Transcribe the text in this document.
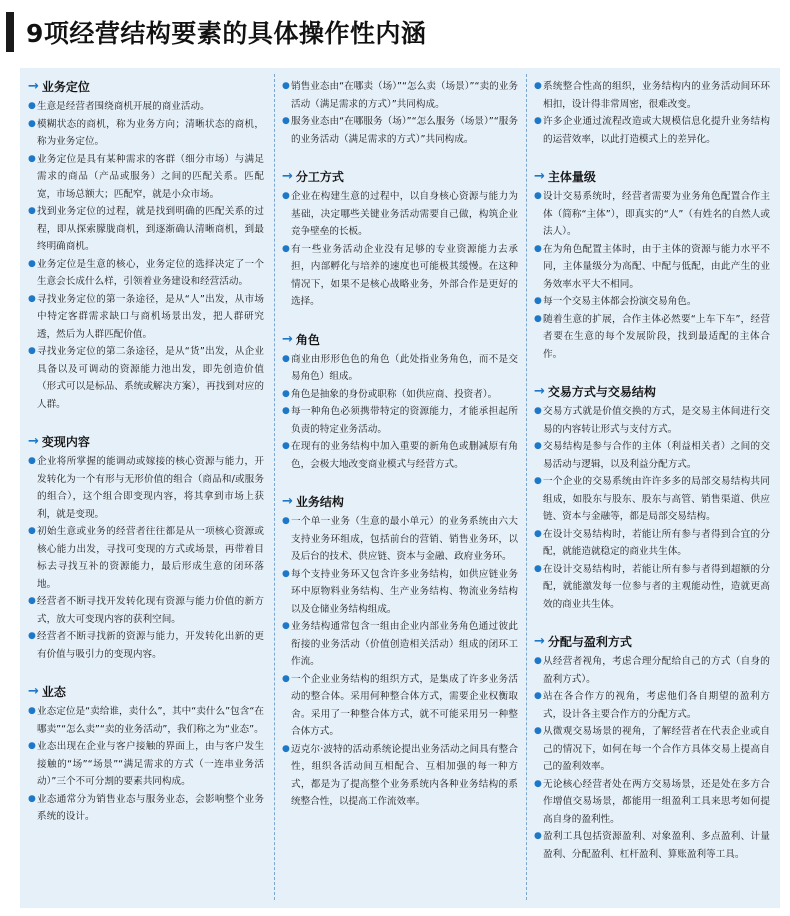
9项经营结构要素的具体操作性内涵
→ 业务定位
● 生意是经营者围绕商机开展的商业活动。
● 模糊状态的商机，称为业务方向；清晰状态的商机，称为业务定位。
● 业务定位是具有某种需求的客群（细分市场）与满足需求的商品（产品或服务）之间的匹配关系。匹配宽，市场总额大；匹配窄，就是小众市场。
● 找到业务定位的过程，就是找到明确的匹配关系的过程，即从探索朦胧商机，到逐渐确认清晰商机，到最终明确商机。
● 业务定位是生意的核心，业务定位的选择决定了一个生意会长成什么样，引领着业务建设和经营活动。
● 寻找业务定位的第一条途径，是从“人”出发，从市场中特定客群需求缺口与商机场景出发，把人群研究透，然后为人群匹配价值。
● 寻找业务定位的第二条途径，是从“货”出发，从企业具备以及可调动的资源能力池出发，即先创造价值（形式可以是标品、系统或解决方案），再找到对应的人群。
→ 变现内容
● 企业将所掌握的能调动或嫁接的核心资源与能力，开发转化为一个有形与无形价值的组合（商品和/或服务的组合），这个组合即变现内容，将其拿到市场上获利，就是变现。
● 初始生意或业务的经营者往往都是从一项核心资源或核心能力出发，寻找可变现的方式或场景，再带着目标去寻找互补的资源能力，最后形成生意的闭环落地。
● 经营者不断寻找开发转化现有资源与能力价值的新方式，放大可变现内容的获利空间。
● 经营者不断寻找新的资源与能力，开发转化出新的更有价值与吸引力的变现内容。
→ 业态
● 业态定位是“卖给谁，卖什么”，其中“卖什么”包含“在哪卖”“怎么卖”“卖的业务活动”，我们称之为“业态”。
● 业态出现在企业与客户接触的界面上，由与客户发生接触的“场”“场景”“满足需求的方式（一连串业务活动）”三个不可分割的要素共同构成。
● 业态通常分为销售业态与服务业态，会影响整个业务系统的设计。
● 销售业态由“在哪卖（场）”“怎么卖（场景）”“卖的业务活动（满足需求的方式）”共同构成。
● 服务业态由“在哪服务（场）”“怎么服务（场景）”“服务的业务活动（满足需求的方式）”共同构成。
→ 分工方式
● 企业在构建生意的过程中，以自身核心资源与能力为基础，决定哪些关键业务活动需要自己做，构筑企业竞争壁垒的长板。
● 有一些业务活动企业没有足够的专业资源能力去承担，内部孵化与培养的速度也可能极其缓慢。在这种情况下，如果不是核心战略业务，外部合作是更好的选择。
→ 角色
● 商业由形形色色的角色（此处指业务角色，而不是交易角色）组成。
● 角色是抽象的身份或职称（如供应商、投资者）。
● 每一种角色必须携带特定的资源能力，才能承担起所负责的特定业务活动。
● 在现有的业务结构中加入重要的新角色或删减原有角色，会极大地改变商业模式与经营方式。
→ 业务结构
● 一个单一业务（生意的最小单元）的业务系统由六大支持业务环组成，包括前台的营销、销售业务环，以及后台的技术、供应链、资本与金融、政府业务环。
● 每个支持业务环又包含许多业务结构，如供应链业务环中原物料业务结构、生产业务结构、物流业务结构以及仓储业务结构组成。
● 业务结构通常包含一组由企业内部业务角色通过彼此衔接的业务活动（价值创造相关活动）组成的闭环工作流。
● 一个企业业务结构的组织方式，是集成了许多业务活动的整合体。采用何种整合体方式，需要企业权衡取舍。采用了一种整合体方式，就不可能采用另一种整合体方式。
● 迈克尔·波特的活动系统论提出业务活动之间具有整合性，组织各活动间互相配合、互相加强的每一种方式，都是为了提高整个业务系统内各种业务结构的系统整合性，以提高工作流效率。
● 系统整合性高的组织，业务结构内的业务活动间环环相扣，设计得非常周密，很难改变。
● 许多企业通过流程改造或大规模信息化提升业务结构的运营效率，以此打造模式上的差异化。
→ 主体量级
● 设计交易系统时，经营者需要为业务角色配置合作主体（简称“主体”），即真实的“人”（有姓名的自然人或法人）。
● 在为角色配置主体时，由于主体的资源与能力水平不同，主体量级分为高配、中配与低配，由此产生的业务效率水平大不相同。
● 每一个交易主体都会扮演交易角色。
● 随着生意的扩展，合作主体必然要“上车下车”，经营者要在生意的每个发展阶段，找到最适配的主体合作。
→ 交易方式与交易结构
● 交易方式就是价值交换的方式，是交易主体间进行交易的内容转让形式与支付方式。
● 交易结构是参与合作的主体（利益相关者）之间的交易活动与逻辑，以及利益分配方式。
● 一个企业的交易系统由许许多多的局部交易结构共同组成，如股东与股东、股东与高管、销售渠道、供应链、资本与金融等，都是局部交易结构。
● 在设计交易结构时，若能让所有参与者得到合宜的分配，就能造就稳定的商业共生体。
● 在设计交易结构时，若能让所有参与者得到超额的分配，就能激发每一位参与者的主观能动性，造就更高效的商业共生体。
→ 分配与盈利方式
● 从经营者视角，考虑合理分配给自己的方式（自身的盈利方式）。
● 站在各合作方的视角，考虑他们各自期望的盈利方式，设计各主要合作方的分配方式。
● 从微观交易场景的视角，了解经营者在代表企业或自己的情况下，如何在每一个合作方具体交易上提高自己的盈利效率。
● 无论核心经营者处在两方交易场景，还是处在多方合作增值交易场景，都能用一组盈利工具来思考如何提高自身的盈利性。
● 盈利工具包括资源盈利、对象盈利、多点盈利、计量盈利、分配盈利、杠杆盈利、算账盈利等工具。
